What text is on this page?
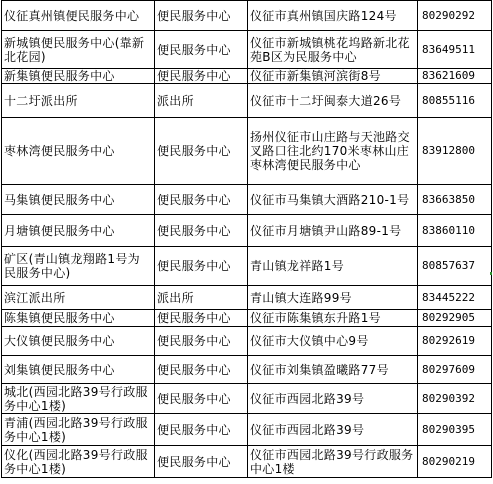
仪征真州镇便民服务中心	便民服务中心	仪征市真州镇国庆路124号	80290292
新城镇便民服务中心(靠新北花园)	便民服务中心	仪征市新城镇桃花坞路新北花苑B区为民服务中心	83649511
新集镇便民服务中心	便民服务中心	仪征市新集镇河滨街8号	83621609
十二圩派出所	派出所	仪征市十二圩闽泰大道26号	80855116
枣林湾便民服务中心	便民服务中心	扬州仪征市山庄路与天池路交叉路口往北约170米枣林山庄枣林湾便民服务中心	83912800
马集镇便民服务中心	便民服务中心	仪征市马集镇大酒路210-1号	83663850
月塘镇便民服务中心	便民服务中心	仪征市月塘镇尹山路89-1号	83860110
矿区(青山镇龙翔路1号为民服务中心)	便民服务中心	青山镇龙祥路1号	80857637
滨江派出所	派出所	青山镇大连路99号	83445222
陈集镇便民服务中心	便民服务中心	仪征市陈集镇东升路1号	80292905
大仪镇便民服务中心	便民服务中心	仪征市大仪镇中心9号	80292619
刘集镇便民服务中心	便民服务中心	仪征市刘集镇盈曦路77号	80297609
城北(西园北路39号行政服务中心1楼)	便民服务中心	仪征市西园北路39号	80290392
青浦(西园北路39号行政服务中心1楼)	便民服务中心	仪征市西园北路39号	80290395
仪化(西园北路39号行政服务中心1楼)	便民服务中心	仪征市西园北路39号行政服务中心1楼	80290219
